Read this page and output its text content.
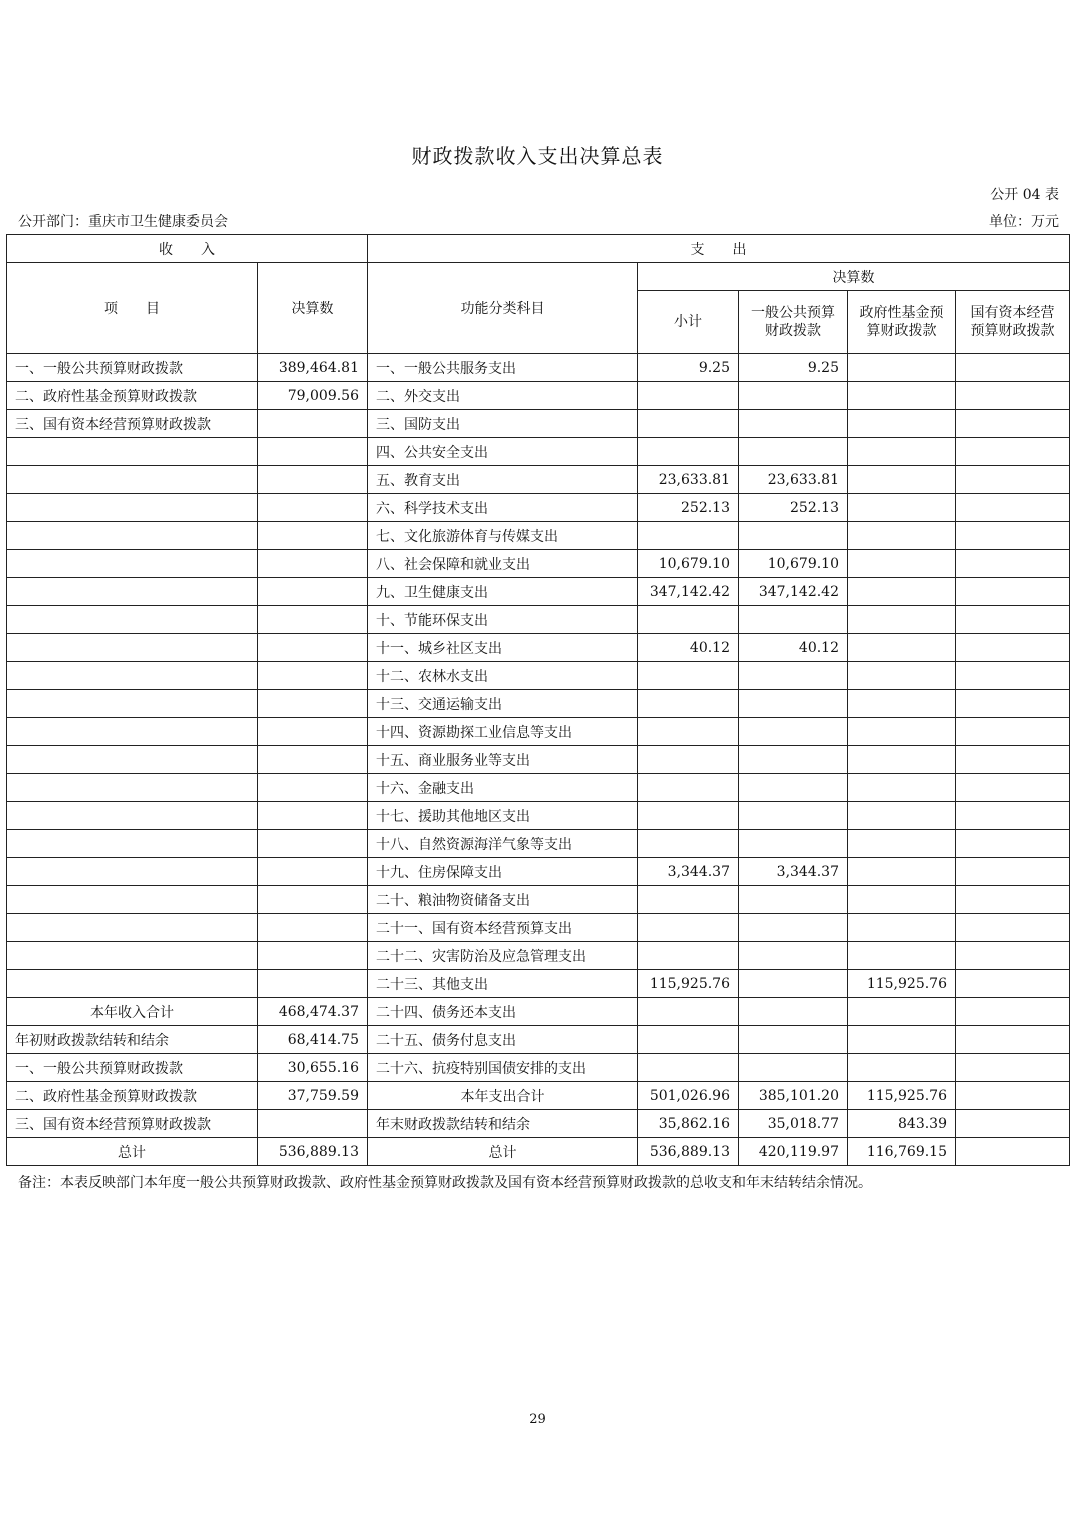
财政拨款收入支出决算总表
公开 04 表
公开部门：重庆市卫生健康委员会	单位：万元
收　　入		支　　出				
项　　目	决算数	功能分类科目	决算数			
			小计	一般公共预算财政拨款	政府性基金预算财政拨款	国有资本经营预算财政拨款
一、一般公共预算财政拨款	389,464.81	一、一般公共服务支出	9.25	9.25		
二、政府性基金预算财政拨款	79,009.56	二、外交支出				
三、国有资本经营预算财政拨款		三、国防支出				
		四、公共安全支出				
		五、教育支出	23,633.81	23,633.81		
		六、科学技术支出	252.13	252.13		
		七、文化旅游体育与传媒支出				
		八、社会保障和就业支出	10,679.10	10,679.10		
		九、卫生健康支出	347,142.42	347,142.42		
		十、节能环保支出				
		十一、城乡社区支出	40.12	40.12		
		十二、农林水支出				
		十三、交通运输支出				
		十四、资源勘探工业信息等支出				
		十五、商业服务业等支出				
		十六、金融支出				
		十七、援助其他地区支出				
		十八、自然资源海洋气象等支出				
		十九、住房保障支出	3,344.37	3,344.37		
		二十、粮油物资储备支出				
		二十一、国有资本经营预算支出				
		二十二、灾害防治及应急管理支出				
		二十三、其他支出	115,925.76		115,925.76	
本年收入合计	468,474.37	二十四、债务还本支出				
年初财政拨款结转和结余	68,414.75	二十五、债务付息支出				
一、一般公共预算财政拨款	30,655.16	二十六、抗疫特别国债安排的支出				
二、政府性基金预算财政拨款	37,759.59	本年支出合计	501,026.96	385,101.20	115,925.76	
三、国有资本经营预算财政拨款		年末财政拨款结转和结余	35,862.16	35,018.77	843.39	
总计	536,889.13	总计	536,889.13	420,119.97	116,769.15	
备注：本表反映部门本年度一般公共预算财政拨款、政府性基金预算财政拨款及国有资本经营预算财政拨款的总收支和年末结转结余情况。
29
